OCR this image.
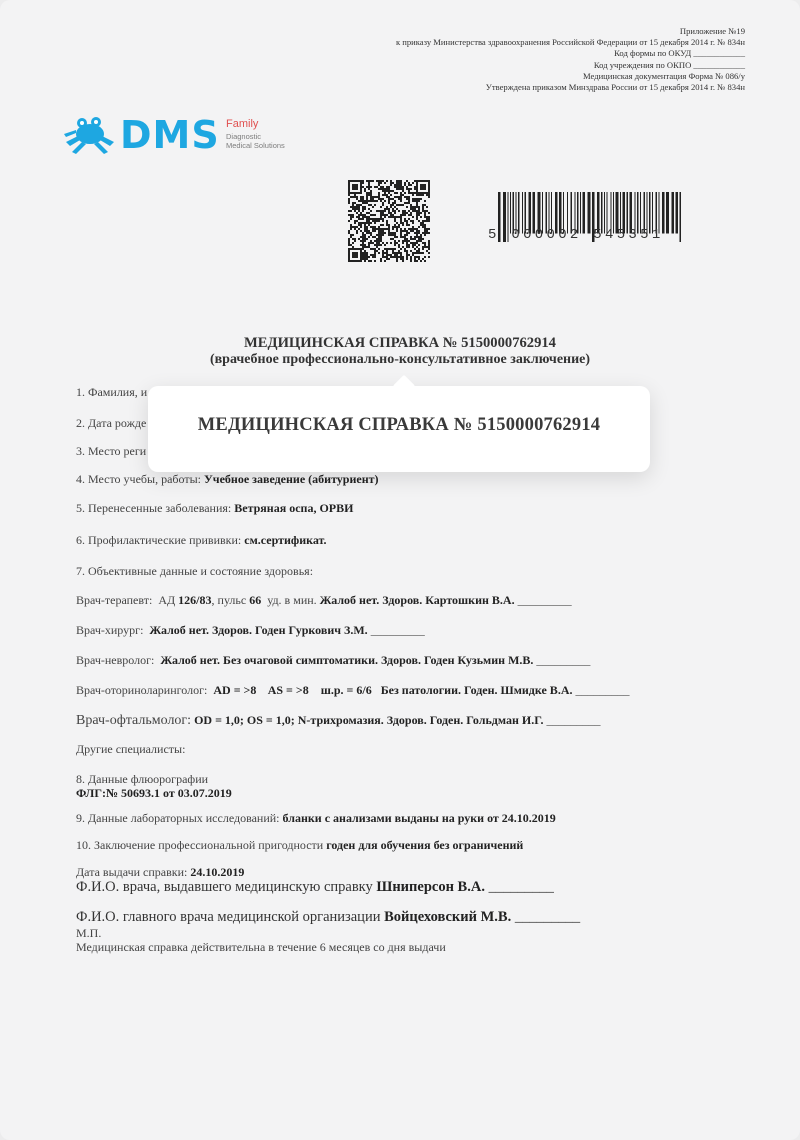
Приложение №19
к приказу Министерства здравоохранения Российской Федерации от 15 декабря 2014 г. № 834н
Код формы по ОКУД ____________
Код учреждения по ОКПО ____________
Медицинская документация Форма № 086/у
Утверждена приказом Минздрава России от 15 декабря 2014 г. № 834н
DMS Family
Diagnostic
Medical Solutions
5 000002 545351
МЕДИЦИНСКАЯ СПРАВКА № 5150000762914
(врачебное профессионально-консультативное заключение)
1. Фамилия, и
2. Дата рожде
3. Место реги
4. Место учебы, работы: Учебное заведение (абитуриент)
5. Перенесенные заболевания: Ветряная оспа, ОРВИ
6. Профилактические прививки: см.сертификат.
7. Объективные данные и состояние здоровья:
Врач-терапевт: АД 126/83, пульс 66 уд. в мин. Жалоб нет. Здоров. Картошкин В.А. _________
Врач-хирург: Жалоб нет. Здоров. Годен Гуркович З.М. _________
Врач-невролог: Жалоб нет. Без очаговой симптоматики. Здоров. Годен Кузьмин М.В. _________
Врач-оториноларинголог: AD = >8    AS = >8    ш.р. = 6/6   Без патологии. Годен. Шмидке В.А. _________
Врач-офтальмолог: OD = 1,0; OS = 1,0; N-трихромазия. Здоров. Годен. Гольдман И.Г. _________
Другие специалисты:
8. Данные флюорографии
ФЛГ:№ 50693.1 от 03.07.2019
9. Данные лабораторных исследований: бланки с анализами выданы на руки от 24.10.2019
10. Заключение профессиональной пригодности годен для обучения без ограничений
Дата выдачи справки: 24.10.2019
Ф.И.О. врача, выдавшего медицинскую справку Шниперсон В.А. _________
Ф.И.О. главного врача медицинской организации Войцеховский М.В. _________
М.П.
Медицинская справка действительна в течение 6 месяцев со дня выдачи
МЕДИЦИНСКАЯ СПРАВКА № 5150000762914
